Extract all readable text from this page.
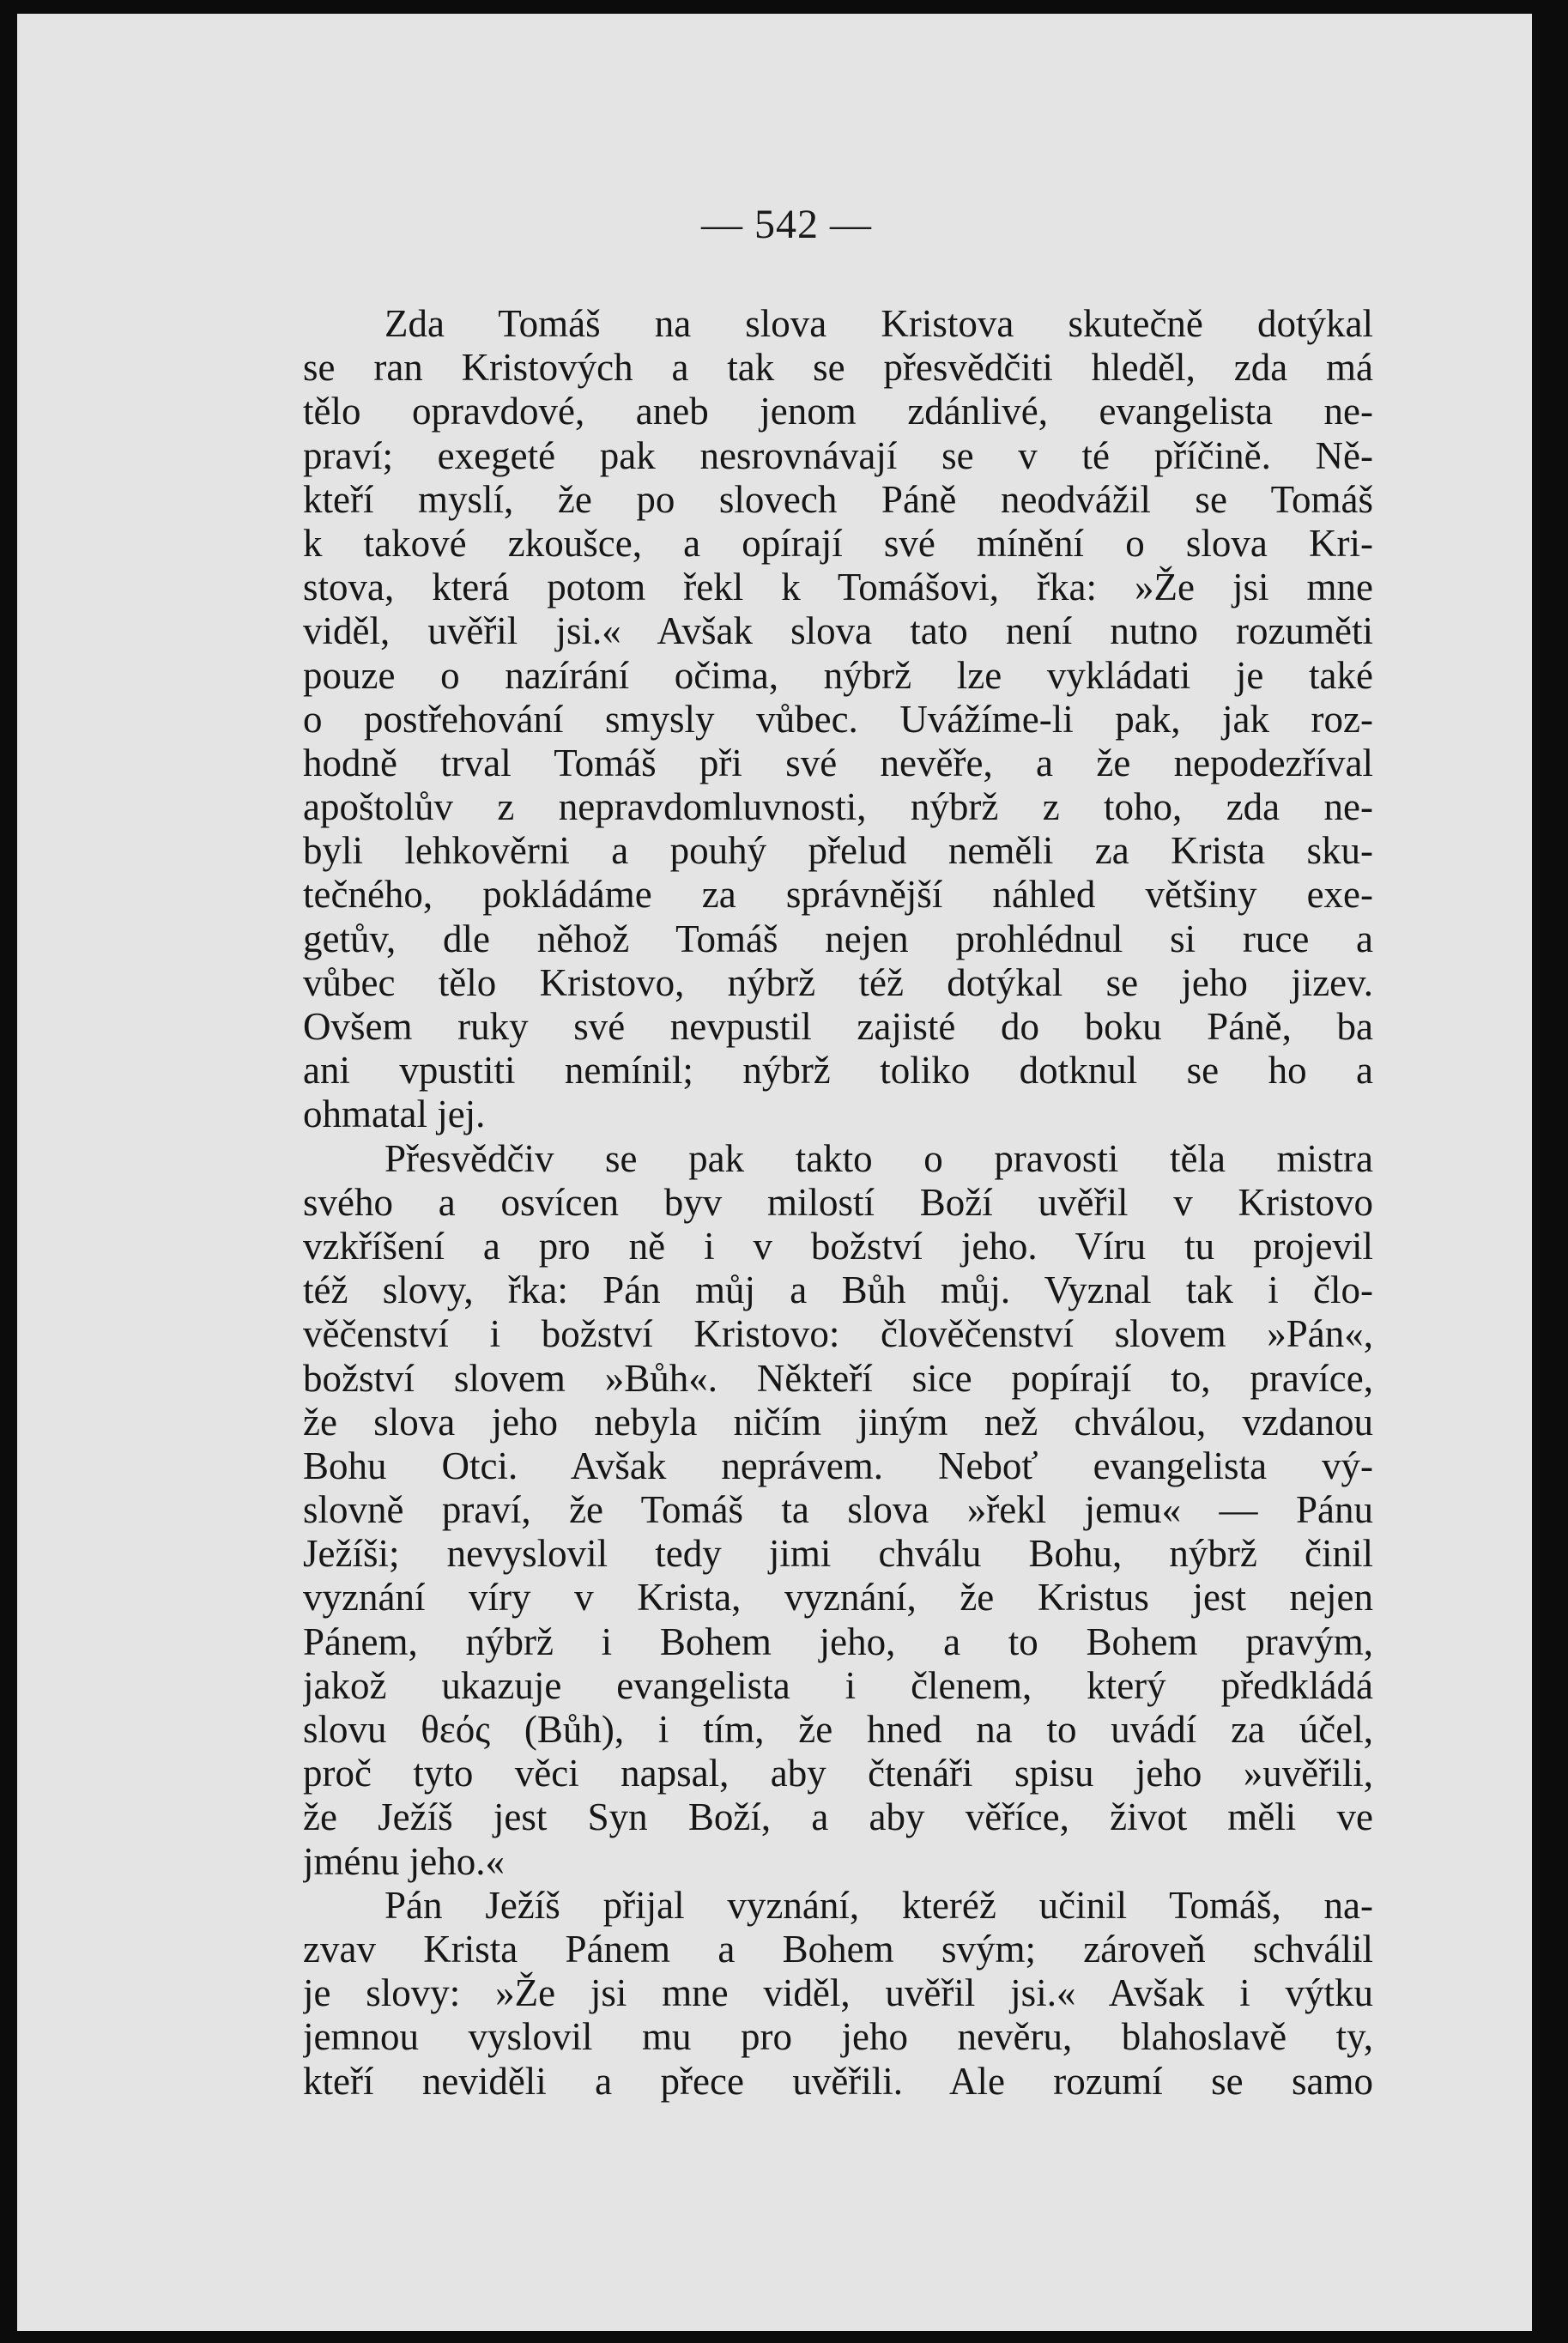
— 542 —
Zda Tomáš na slova Kristova skutečně dotýkal
se ran Kristových a tak se přesvědčiti hleděl, zda má
tělo opravdové, aneb jenom zdánlivé, evangelista ne-
praví; exegeté pak nesrovnávají se v té příčině. Ně-
kteří myslí, že po slovech Páně neodvážil se Tomáš
k takové zkoušce, a opírají své mínění o slova Kri-
stova, která potom řekl k Tomášovi, řka: »Že jsi mne
viděl, uvěřil jsi.« Avšak slova tato není nutno rozuměti
pouze o nazírání očima, nýbrž lze vykládati je také
o postřehování smysly vůbec. Uvážíme-li pak, jak roz-
hodně trval Tomáš při své nevěře, a že nepodezříval
apoštolův z nepravdomluvnosti, nýbrž z toho, zda ne-
byli lehkověrni a pouhý přelud neměli za Krista sku-
tečného, pokládáme za správnější náhled většiny exe-
getův, dle něhož Tomáš nejen prohlédnul si ruce a
vůbec tělo Kristovo, nýbrž též dotýkal se jeho jizev.
Ovšem ruky své nevpustil zajisté do boku Páně, ba
ani vpustiti nemínil; nýbrž toliko dotknul se ho a
ohmatal jej.
Přesvědčiv se pak takto o pravosti těla mistra
svého a osvícen byv milostí Boží uvěřil v Kristovo
vzkříšení a pro ně i v božství jeho. Víru tu projevil
též slovy, řka: Pán můj a Bůh můj. Vyznal tak i člo-
věčenství i božství Kristovo: člověčenství slovem »Pán«,
božství slovem »Bůh«. Někteří sice popírají to, pravíce,
že slova jeho nebyla ničím jiným než chválou, vzdanou
Bohu Otci. Avšak neprávem. Neboť evangelista vý-
slovně praví, že Tomáš ta slova »řekl jemu« — Pánu
Ježíši; nevyslovil tedy jimi chválu Bohu, nýbrž činil
vyznání víry v Krista, vyznání, že Kristus jest nejen
Pánem, nýbrž i Bohem jeho, a to Bohem pravým,
jakož ukazuje evangelista i členem, který předkládá
slovu θεός (Bůh), i tím, že hned na to uvádí za účel,
proč tyto věci napsal, aby čtenáři spisu jeho »uvěřili,
že Ježíš jest Syn Boží, a aby věříce, život měli ve
jménu jeho.«
Pán Ježíš přijal vyznání, kteréž učinil Tomáš, na-
zvav Krista Pánem a Bohem svým; zároveň schválil
je slovy: »Že jsi mne viděl, uvěřil jsi.« Avšak i výtku
jemnou vyslovil mu pro jeho nevěru, blahoslavě ty,
kteří neviděli a přece uvěřili. Ale rozumí se samo
